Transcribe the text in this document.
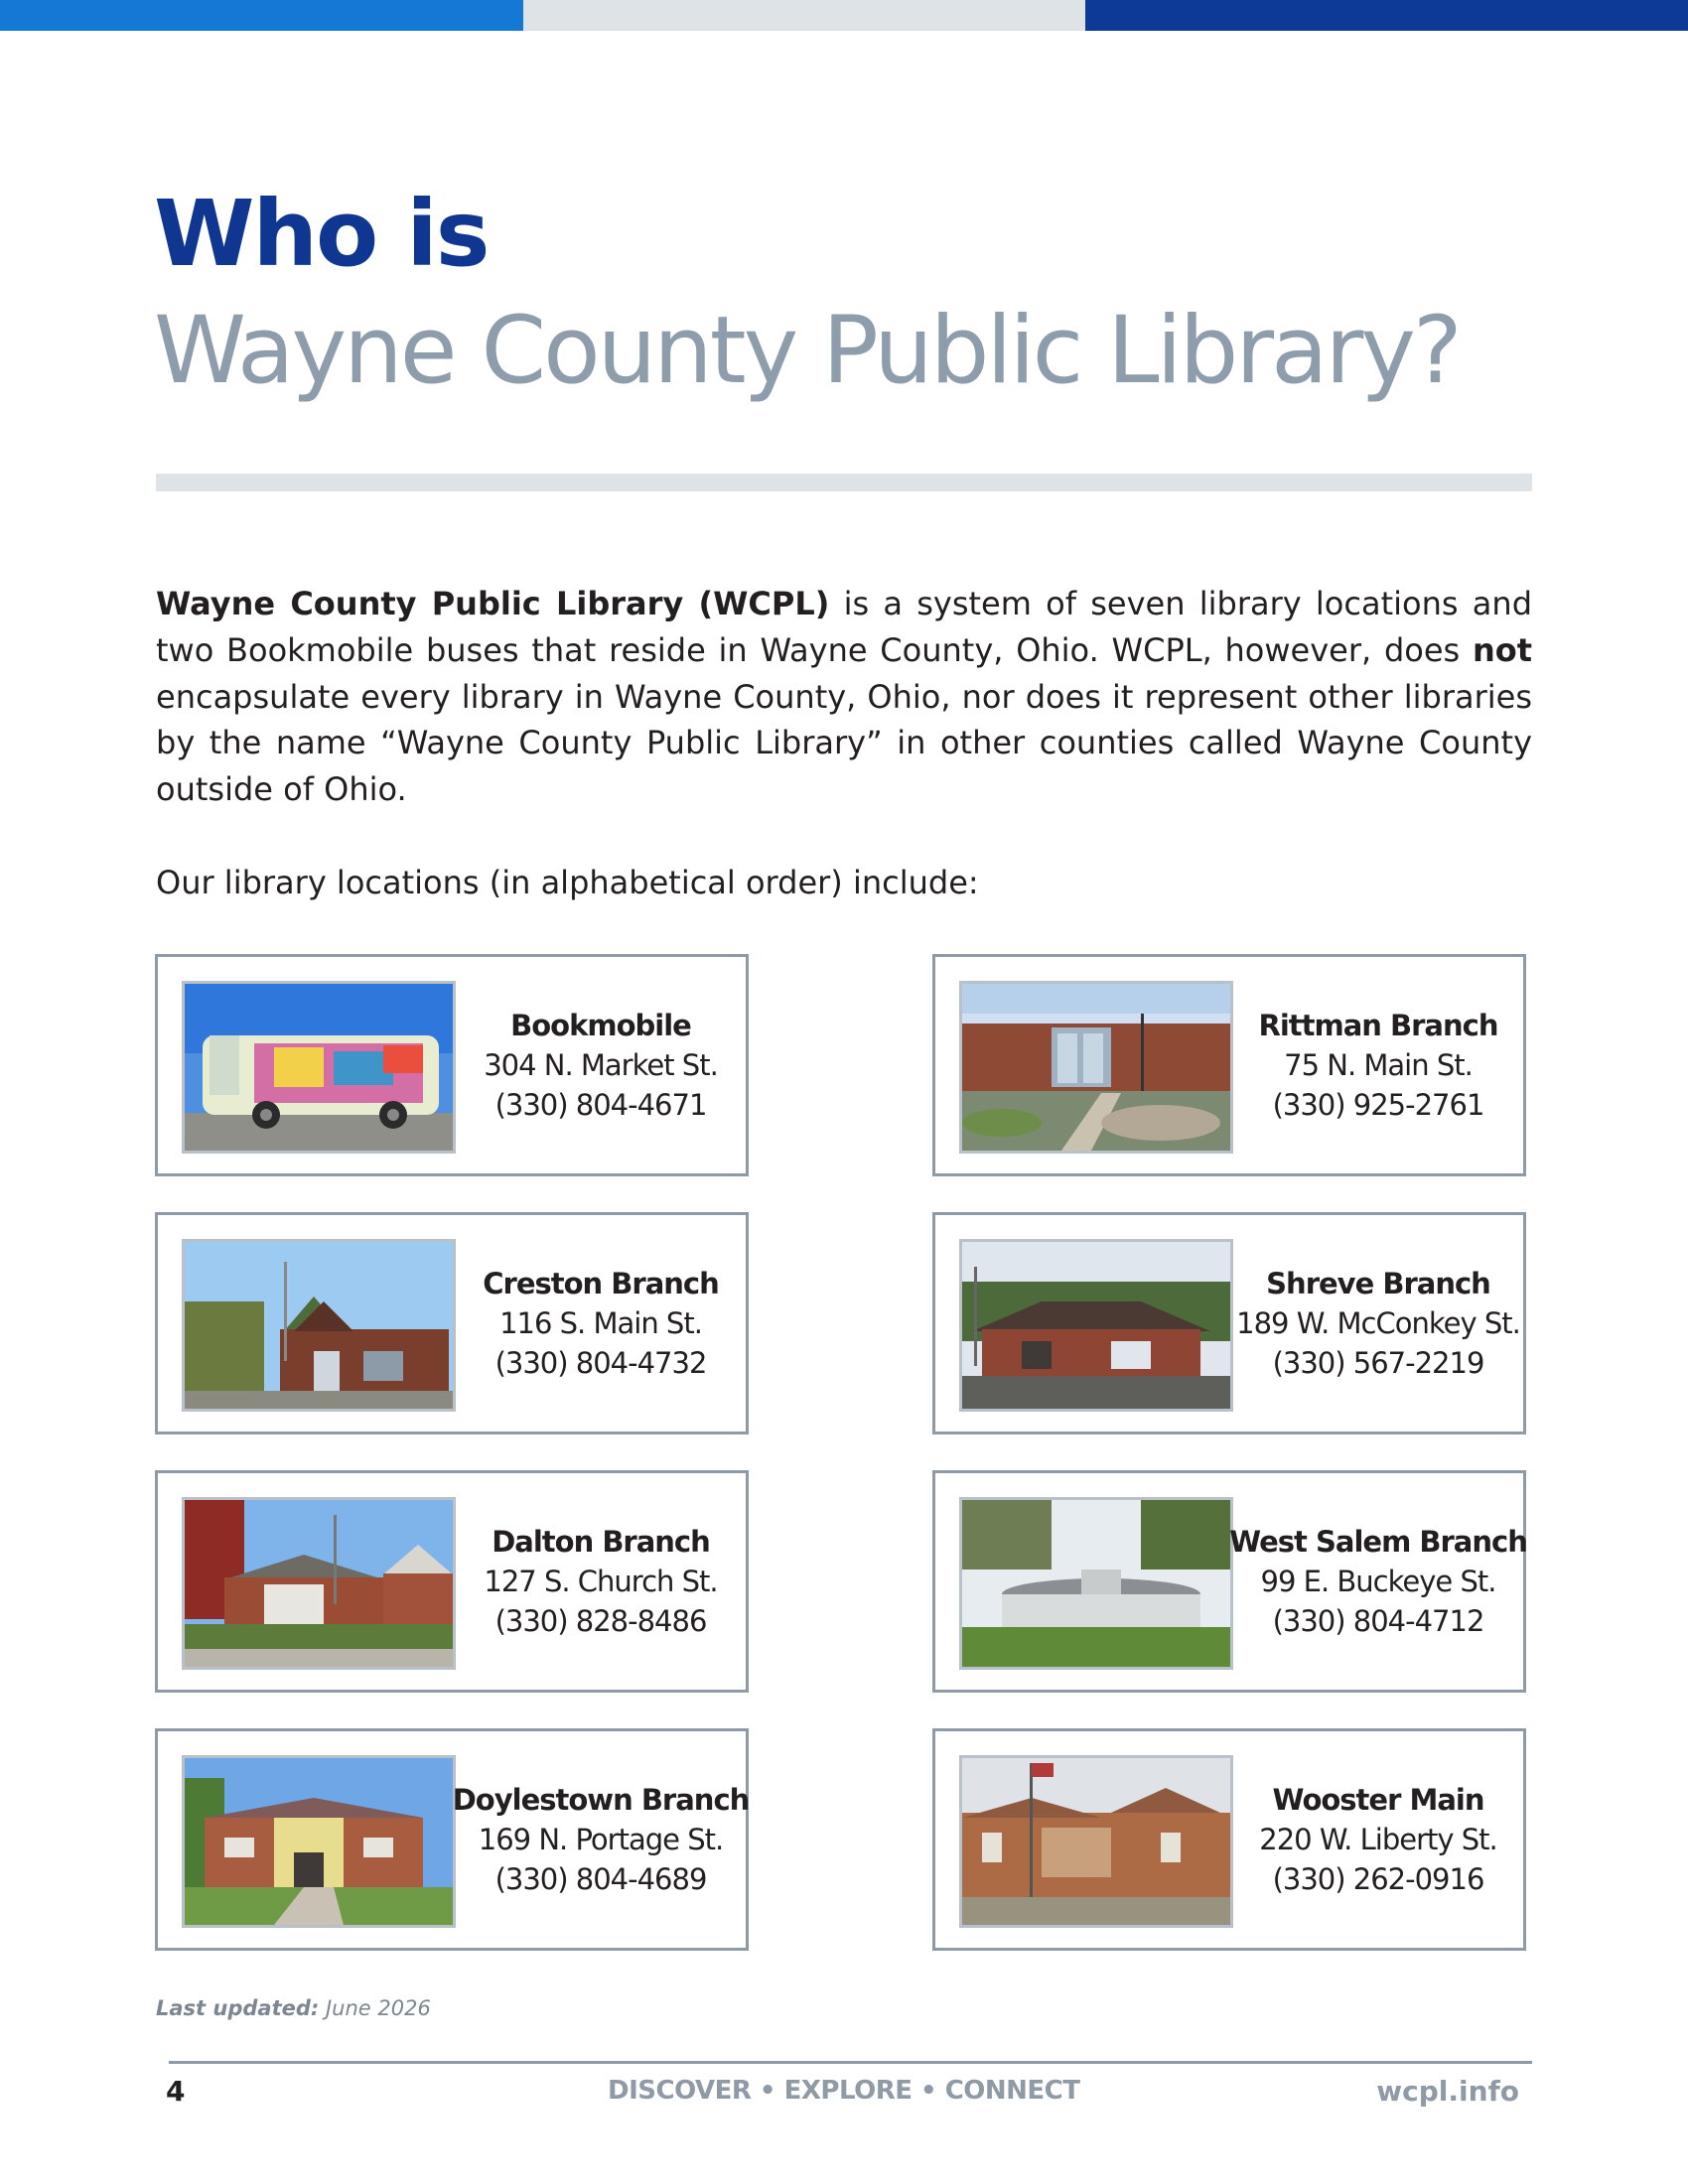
Who is
Wayne County Public Library?

Wayne County Public Library (WCPL) is a system of seven library locations and two Bookmobile buses that reside in Wayne County, Ohio. WCPL, however, does not encapsulate every library in Wayne County, Ohio, nor does it represent other libraries by the name “Wayne County Public Library” in other counties called Wayne County outside of Ohio.

Our library locations (in alphabetical order) include:

Bookmobile
304 N. Market St.
(330) 804-4671
Rittman Branch
75 N. Main St.
(330) 925-2761
Creston Branch
116 S. Main St.
(330) 804-4732
Shreve Branch
189 W. McConkey St.
(330) 567-2219
Dalton Branch
127 S. Church St.
(330) 828-8486
West Salem Branch
99 E. Buckeye St.
(330) 804-4712
Doylestown Branch
169 N. Portage St.
(330) 804-4689
Wooster Main
220 W. Liberty St.
(330) 262-0916
Last updated: June 2026
4	DISCOVER • EXPLORE • CONNECT	wcpl.info
